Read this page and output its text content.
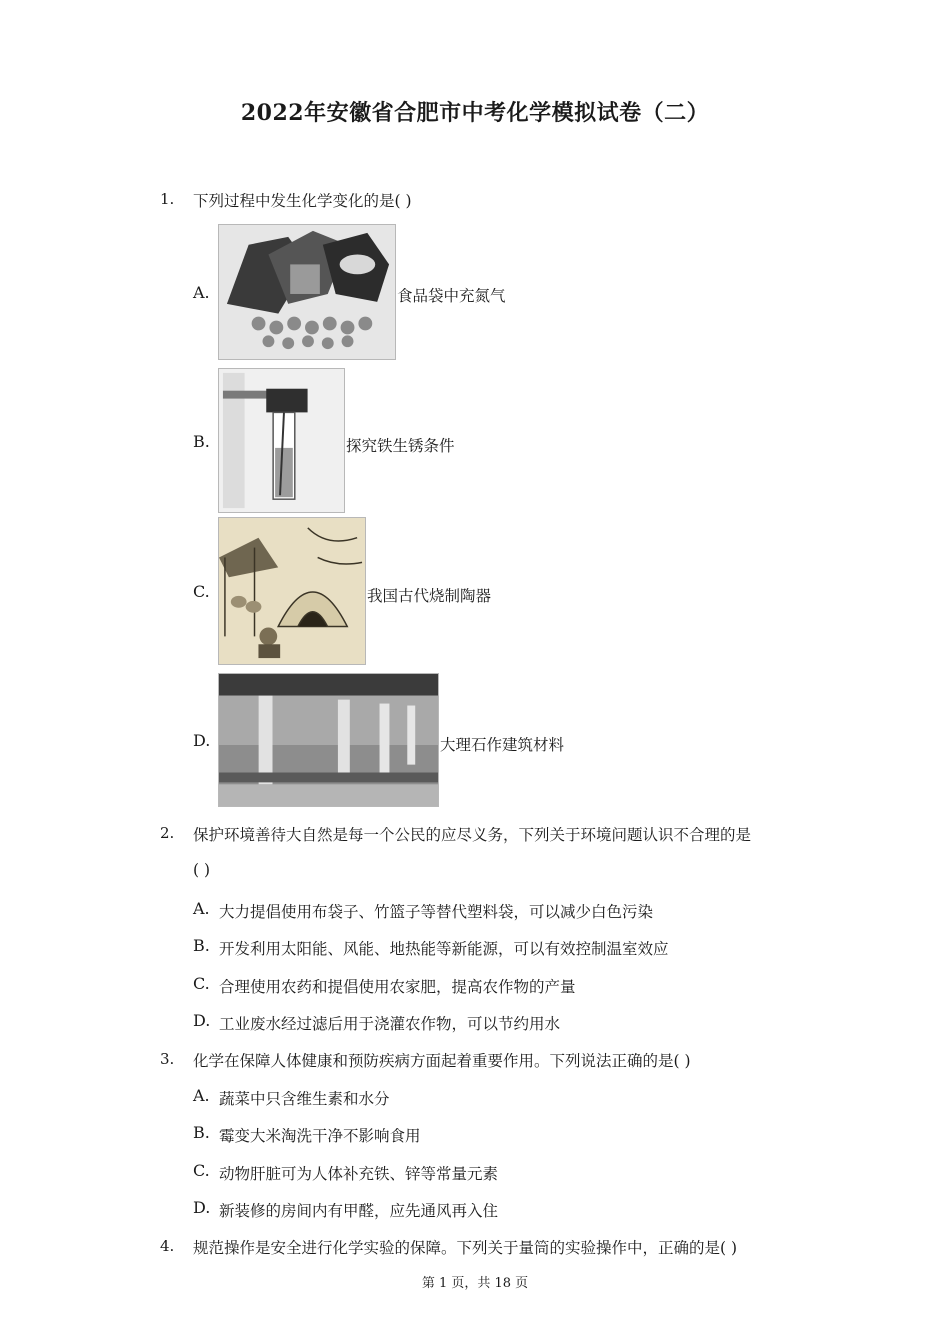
2022年安徽省合肥市中考化学模拟试卷（二）
1. 下列过程中发生化学变化的是( )
A.	食品袋中充氮气
B.	探究铁生锈条件
C.	我国古代烧制陶器
D.	大理石作建筑材料
2. 保护环境善待大自然是每一个公民的应尽义务，下列关于环境问题认识不合理的是
( )
A. 大力提倡使用布袋子、竹篮子等替代塑料袋，可以减少白色污染
B. 开发利用太阳能、风能、地热能等新能源，可以有效控制温室效应
C. 合理使用农药和提倡使用农家肥，提高农作物的产量
D. 工业废水经过滤后用于浇灌农作物，可以节约用水
3. 化学在保障人体健康和预防疾病方面起着重要作用。下列说法正确的是( )
A. 蔬菜中只含维生素和水分
B. 霉变大米淘洗干净不影响食用
C. 动物肝脏可为人体补充铁、锌等常量元素
D. 新装修的房间内有甲醛，应先通风再入住
4. 规范操作是安全进行化学实验的保障。下列关于量筒的实验操作中，正确的是( )
第 1 页，共 18 页
